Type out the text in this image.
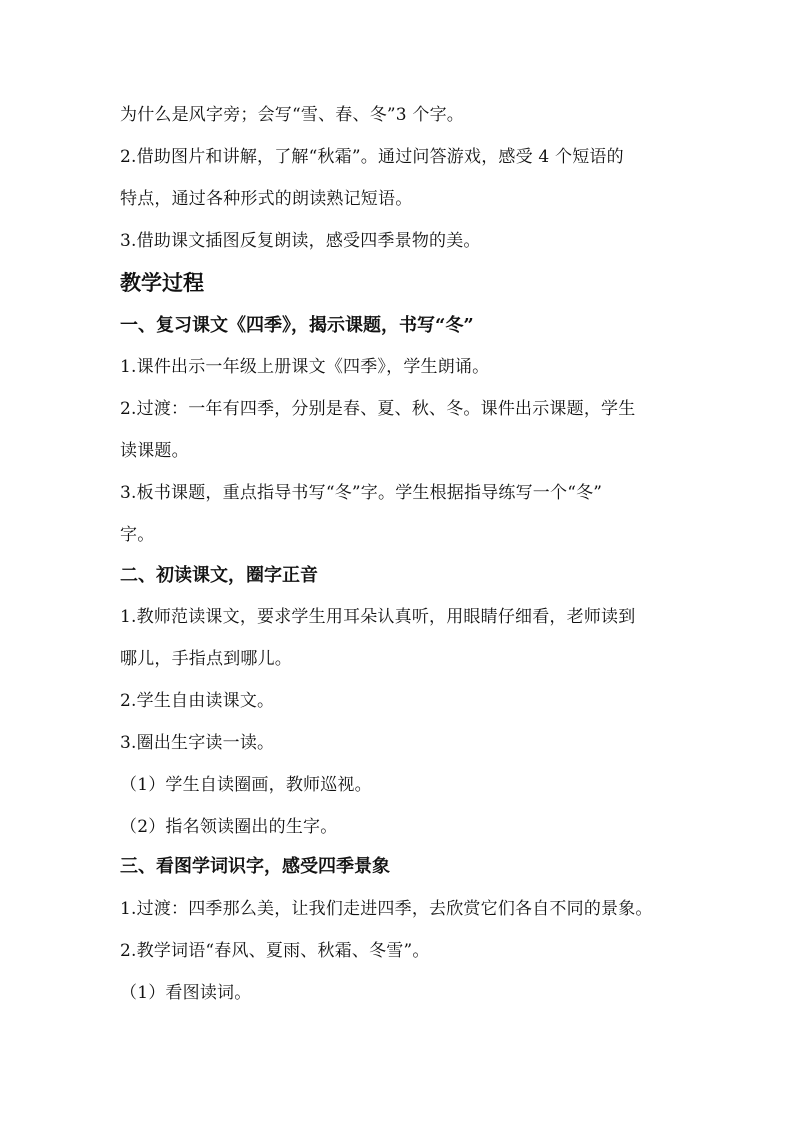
为什么是风字旁；会写“雪、春、冬”3 个字。
2.借助图片和讲解，了解“秋霜”。通过问答游戏，感受 4 个短语的
特点，通过各种形式的朗读熟记短语。
3.借助课文插图反复朗读，感受四季景物的美。
教学过程
一、复习课文《四季》，揭示课题，书写“冬”
1.课件出示一年级上册课文《四季》，学生朗诵。
2.过渡：一年有四季，分别是春、夏、秋、冬。课件出示课题，学生
读课题。
3.板书课题，重点指导书写“冬”字。学生根据指导练写一个“冬”
字。
二、初读课文，圈字正音
1.教师范读课文，要求学生用耳朵认真听，用眼睛仔细看，老师读到
哪儿，手指点到哪儿。
2.学生自由读课文。
3.圈出生字读一读。
（1）学生自读圈画，教师巡视。
（2）指名领读圈出的生字。
三、看图学词识字，感受四季景象
1.过渡：四季那么美，让我们走进四季，去欣赏它们各自不同的景象。
2.教学词语“春风、夏雨、秋霜、冬雪”。
（1）看图读词。
